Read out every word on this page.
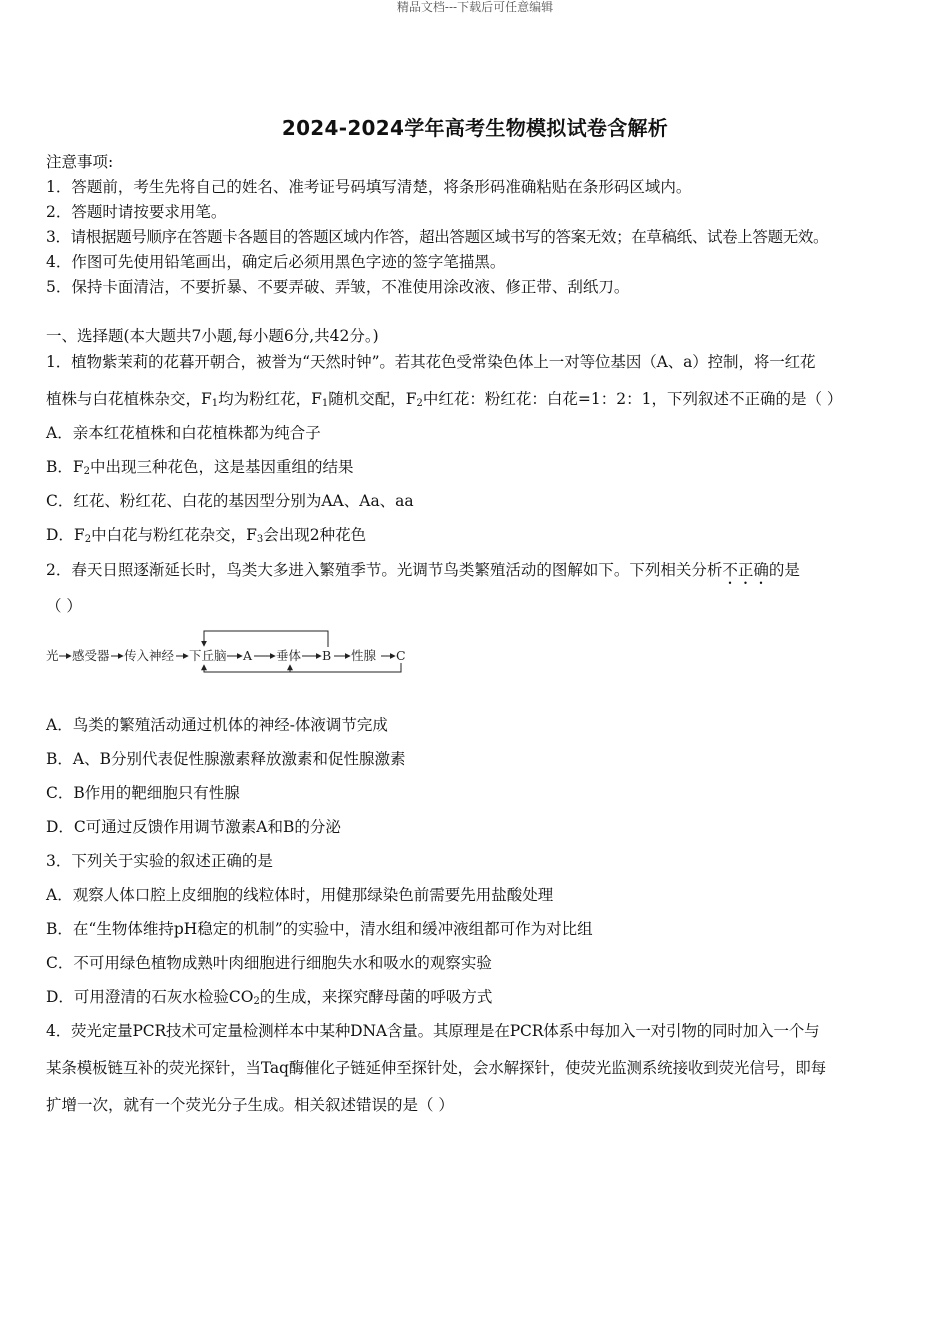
精品文档---下载后可任意编辑
2024-2024学年高考生物模拟试卷含解析
注意事项:
1．答题前，考生先将自己的姓名、准考证号码填写清楚，将条形码准确粘贴在条形码区域内。
2．答题时请按要求用笔。
3．请根据题号顺序在答题卡各题目的答题区域内作答，超出答题区域书写的答案无效；在草稿纸、试卷上答题无效。
4．作图可先使用铅笔画出，确定后必须用黑色字迹的签字笔描黑。
5．保持卡面清洁，不要折暴、不要弄破、弄皱，不准使用涂改液、修正带、刮纸刀。
一、选择题(本大题共7小题,每小题6分,共42分。)
1．植物紫茉莉的花暮开朝合，被誉为“天然时钟”。若其花色受常染色体上一对等位基因（A、a）控制，将一红花
植株与白花植株杂交，$F_1$均为粉红花，$F_1$随机交配，$F_2$中红花：粉红花：白花=1：2：1，下列叙述不正确的是（ ）
A．亲本红花植株和白花植株都为纯合子
B．$F_2$中出现三种花色，这是基因重组的结果
C．红花、粉红花、白花的基因型分别为AA、Aa、aa
D．$F_2$中白花与粉红花杂交，$F_3$会出现2种花色
2．春天日照逐渐延长时，鸟类大多进入繁殖季节。光调节鸟类繁殖活动的图解如下。下列相关分析不正确的是
（ ）
光 感受器 传入神经 下丘脑 A 垂体 B 性腺 C
A．鸟类的繁殖活动通过机体的神经-体液调节完成
B．A、B分别代表促性腺激素释放激素和促性腺激素
C．B作用的靶细胞只有性腺
D．C可通过反馈作用调节激素A和B的分泌
3．下列关于实验的叙述正确的是
A．观察人体口腔上皮细胞的线粒体时，用健那绿染色前需要先用盐酸处理
B．在“生物体维持pH稳定的机制”的实验中，清水组和缓冲液组都可作为对比组
C．不可用绿色植物成熟叶肉细胞进行细胞失水和吸水的观察实验
D．可用澄清的石灰水检验$CO_2$的生成，来探究酵母菌的呼吸方式
4．荧光定量PCR技术可定量检测样本中某种DNA含量。其原理是在PCR体系中每加入一对引物的同时加入一个与
某条模板链互补的荧光探针，当Taq酶催化子链延伸至探针处，会水解探针，使荧光监测系统接收到荧光信号，即每
扩增一次，就有一个荧光分子生成。相关叙述错误的是（ ）
